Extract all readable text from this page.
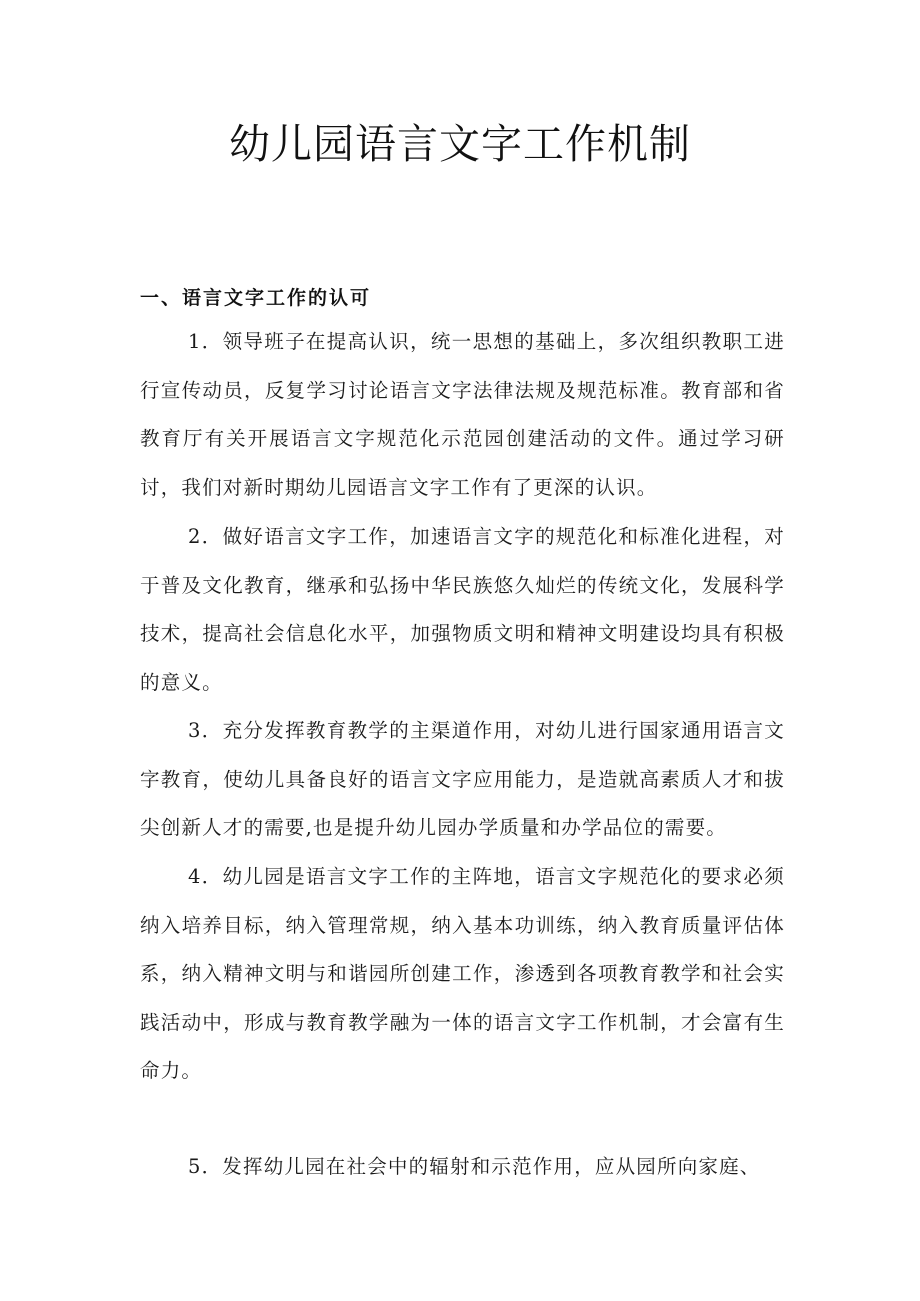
幼儿园语言文字工作机制
一、语言文字工作的认可

1．领导班子在提高认识，统一思想的基础上，多次组织教职工进行宣传动员，反复学习讨论语言文字法律法规及规范标准。教育部和省教育厅有关开展语言文字规范化示范园创建活动的文件。通过学习研讨，我们对新时期幼儿园语言文字工作有了更深的认识。

2．做好语言文字工作，加速语言文字的规范化和标准化进程，对于普及文化教育，继承和弘扬中华民族悠久灿烂的传统文化，发展科学技术，提高社会信息化水平，加强物质文明和精神文明建设均具有积极的意义。

3．充分发挥教育教学的主渠道作用，对幼儿进行国家通用语言文字教育，使幼儿具备良好的语言文字应用能力，是造就高素质人才和拔尖创新人才的需要,也是提升幼儿园办学质量和办学品位的需要。

4．幼儿园是语言文字工作的主阵地，语言文字规范化的要求必须纳入培养目标，纳入管理常规，纳入基本功训练，纳入教育质量评估体系，纳入精神文明与和谐园所创建工作，渗透到各项教育教学和社会实践活动中，形成与教育教学融为一体的语言文字工作机制，才会富有生命力。

5．发挥幼儿园在社会中的辐射和示范作用，应从园所向家庭、
